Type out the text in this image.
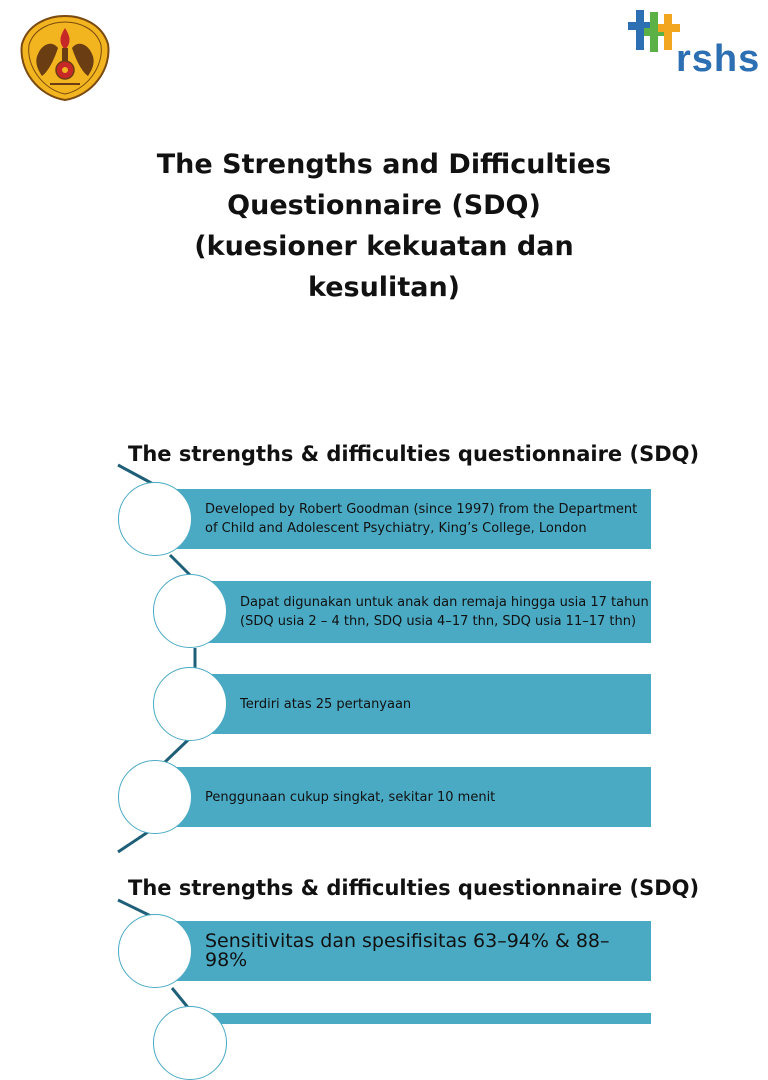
rshs
The Strengths and Difficulties
Questionnaire (SDQ)
(kuesioner kekuatan dan
kesulitan)
The strengths & difficulties questionnaire (SDQ)
Developed by Robert Goodman (since 1997) from the Department
of Child and Adolescent Psychiatry, King’s College, London
Dapat digunakan untuk anak dan remaja hingga usia 17 tahun
(SDQ usia 2 – 4 thn, SDQ usia 4–17 thn, SDQ usia 11–17 thn)
Terdiri atas 25 pertanyaan
Penggunaan cukup singkat, sekitar 10 menit
The strengths & difficulties questionnaire (SDQ)
Sensitivitas dan spesifisitas 63–94% & 88–98%
